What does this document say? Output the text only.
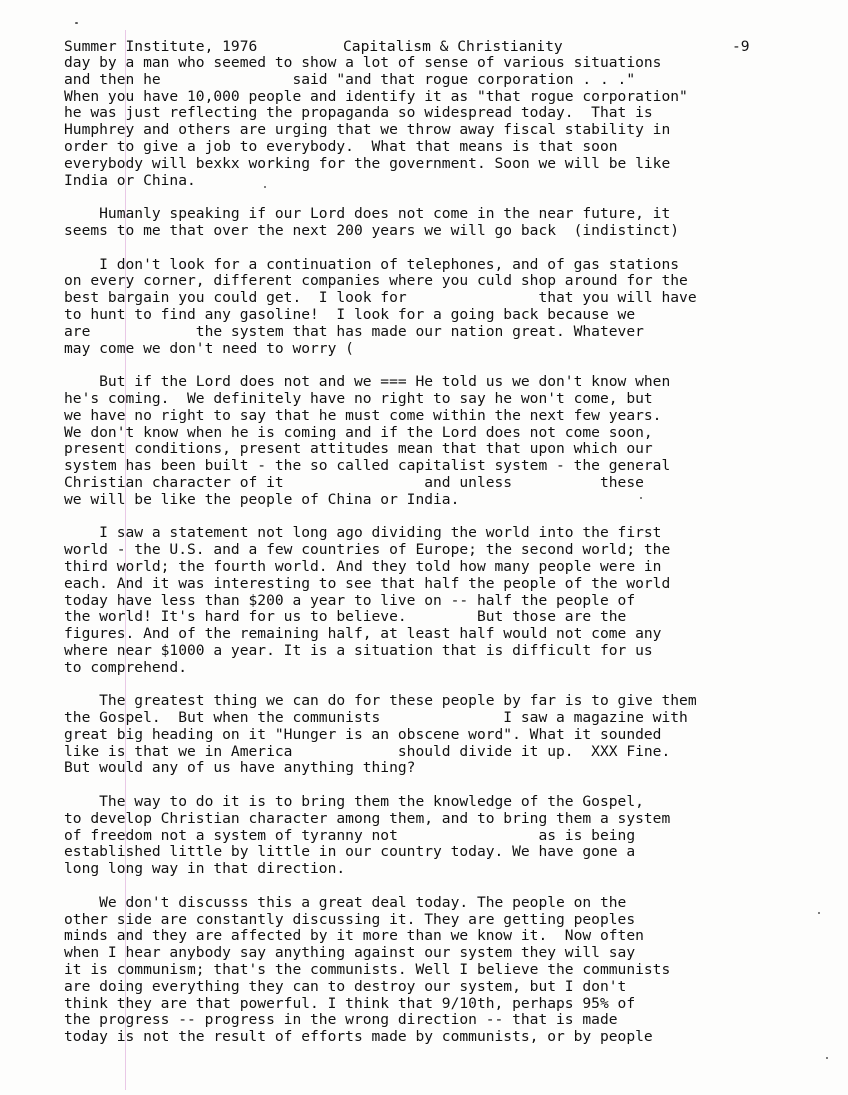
Summer Institute, 1976	Capitalism & Christianity	-9
day by a man who seemed to show a lot of sense of various situations
and then he               said "and that rogue corporation . . ."
When you have 10,000 people and identify it as "that rogue corporation"
he was just reflecting the propaganda so widespread today.  That is
Humphrey and others are urging that we throw away fiscal stability in
order to give a job to everybody.  What that means is that soon
everybody will bexkx working for the government. Soon we will be like
India or China.
Humanly speaking if our Lord does not come in the near future, it
seems to me that over the next 200 years we will go back  (indistinct)
I don't look for a continuation of telephones, and of gas stations
on every corner, different companies where you culd shop around for the
best bargain you could get.  I look for               that you will have
to hunt to find any gasoline!  I look for a going back because we
are            the system that has made our nation great. Whatever
may come we don't need to worry (
But if the Lord does not and we === He told us we don't know when
he's coming.  We definitely have no right to say he won't come, but
we have no right to say that he must come within the next few years.
We don't know when he is coming and if the Lord does not come soon,
present conditions, present attitudes mean that that upon which our
system has been built - the so called capitalist system - the general
Christian character of it                and unless          these
we will be like the people of China or India.
I saw a statement not long ago dividing the world into the first
world - the U.S. and a few countries of Europe; the second world; the
third world; the fourth world. And they told how many people were in
each. And it was interesting to see that half the people of the world
today have less than $200 a year to live on -- half the people of
the world! It's hard for us to believe.        But those are the
figures. And of the remaining half, at least half would not come any
where near $1000 a year. It is a situation that is difficult for us
to comprehend.
The greatest thing we can do for these people by far is to give them
the Gospel.  But when the communists              I saw a magazine with
great big heading on it "Hunger is an obscene word". What it sounded
like is that we in America            should divide it up.  XXX Fine.
But would any of us have anything thing?
The way to do it is to bring them the knowledge of the Gospel,
to develop Christian character among them, and to bring them a system
of freedom not a system of tyranny not                as is being
established little by little in our country today. We have gone a
long long way in that direction.
We don't discusss this a great deal today. The people on the
other side are constantly discussing it. They are getting peoples
minds and they are affected by it more than we know it.  Now often
when I hear anybody say anything against our system they will say
it is communism; that's the communists. Well I believe the communists
are doing everything they can to destroy our system, but I don't
think they are that powerful. I think that 9/10th, perhaps 95% of
the progress -- progress in the wrong direction -- that is made
today is not the result of efforts made by communists, or by people
